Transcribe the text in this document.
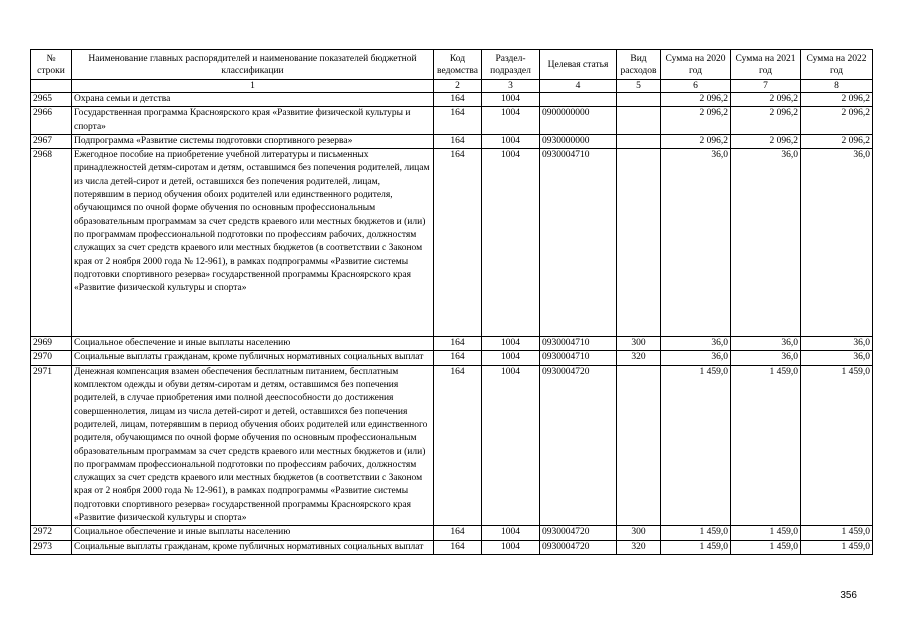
№ строки	Наименование главных распорядителей и наименование показателей бюджетной классификации	Код ведомства	Раздел-подраздел	Целевая статья	Вид расходов	Сумма на 2020 год	Сумма на 2021 год	Сумма на 2022 год
	1	2	3	4	5	6	7	8
2965	Охрана семьи и детства	164	1004			2 096,2	2 096,2	2 096,2
2966	Государственная программа Красноярского края «Развитие физической культуры и спорта»	164	1004	0900000000		2 096,2	2 096,2	2 096,2
2967	Подпрограмма «Развитие системы подготовки спортивного резерва»	164	1004	0930000000		2 096,2	2 096,2	2 096,2
2968	Ежегодное пособие на приобретение учебной литературы и письменных принадлежностей детям-сиротам и детям, оставшимся без попечения родителей, лицам из числа детей-сирот и детей, оставшихся без попечения родителей, лицам, потерявшим в период обучения обоих родителей или единственного родителя, обучающимся по очной форме обучения по основным профессиональным образовательным программам за счет средств краевого или местных бюджетов и (или) по программам профессиональной подготовки по профессиям рабочих, должностям служащих за счет средств краевого или местных бюджетов (в соответствии с Законом края от 2 ноября 2000 года № 12-961), в рамках подпрограммы «Развитие системы подготовки спортивного резерва» государственной программы Красноярского края «Развитие физической культуры и спорта»	164	1004	0930004710		36,0	36,0	36,0
2969	Социальное обеспечение и иные выплаты населению	164	1004	0930004710	300	36,0	36,0	36,0
2970	Социальные выплаты гражданам, кроме публичных нормативных социальных выплат	164	1004	0930004710	320	36,0	36,0	36,0
2971	Денежная компенсация взамен обеспечения бесплатным питанием, бесплатным комплектом одежды и обуви детям-сиротам и детям, оставшимся без попечения родителей, в случае приобретения ими полной дееспособности до достижения совершеннолетия, лицам из числа детей-сирот и детей, оставшихся без попечения родителей, лицам, потерявшим в период обучения обоих родителей или единственного родителя, обучающимся по очной форме обучения по основным профессиональным образовательным программам за счет средств краевого или местных бюджетов и (или) по программам профессиональной подготовки по профессиям рабочих, должностям служащих за счет средств краевого или местных бюджетов (в соответствии с Законом края от 2 ноября 2000 года № 12-961), в рамках подпрограммы «Развитие системы подготовки спортивного резерва» государственной программы Красноярского края «Развитие физической культуры и спорта»	164	1004	0930004720		1 459,0	1 459,0	1 459,0
2972	Социальное обеспечение и иные выплаты населению	164	1004	0930004720	300	1 459,0	1 459,0	1 459,0
2973	Социальные выплаты гражданам, кроме публичных нормативных социальных выплат	164	1004	0930004720	320	1 459,0	1 459,0	1 459,0
356
